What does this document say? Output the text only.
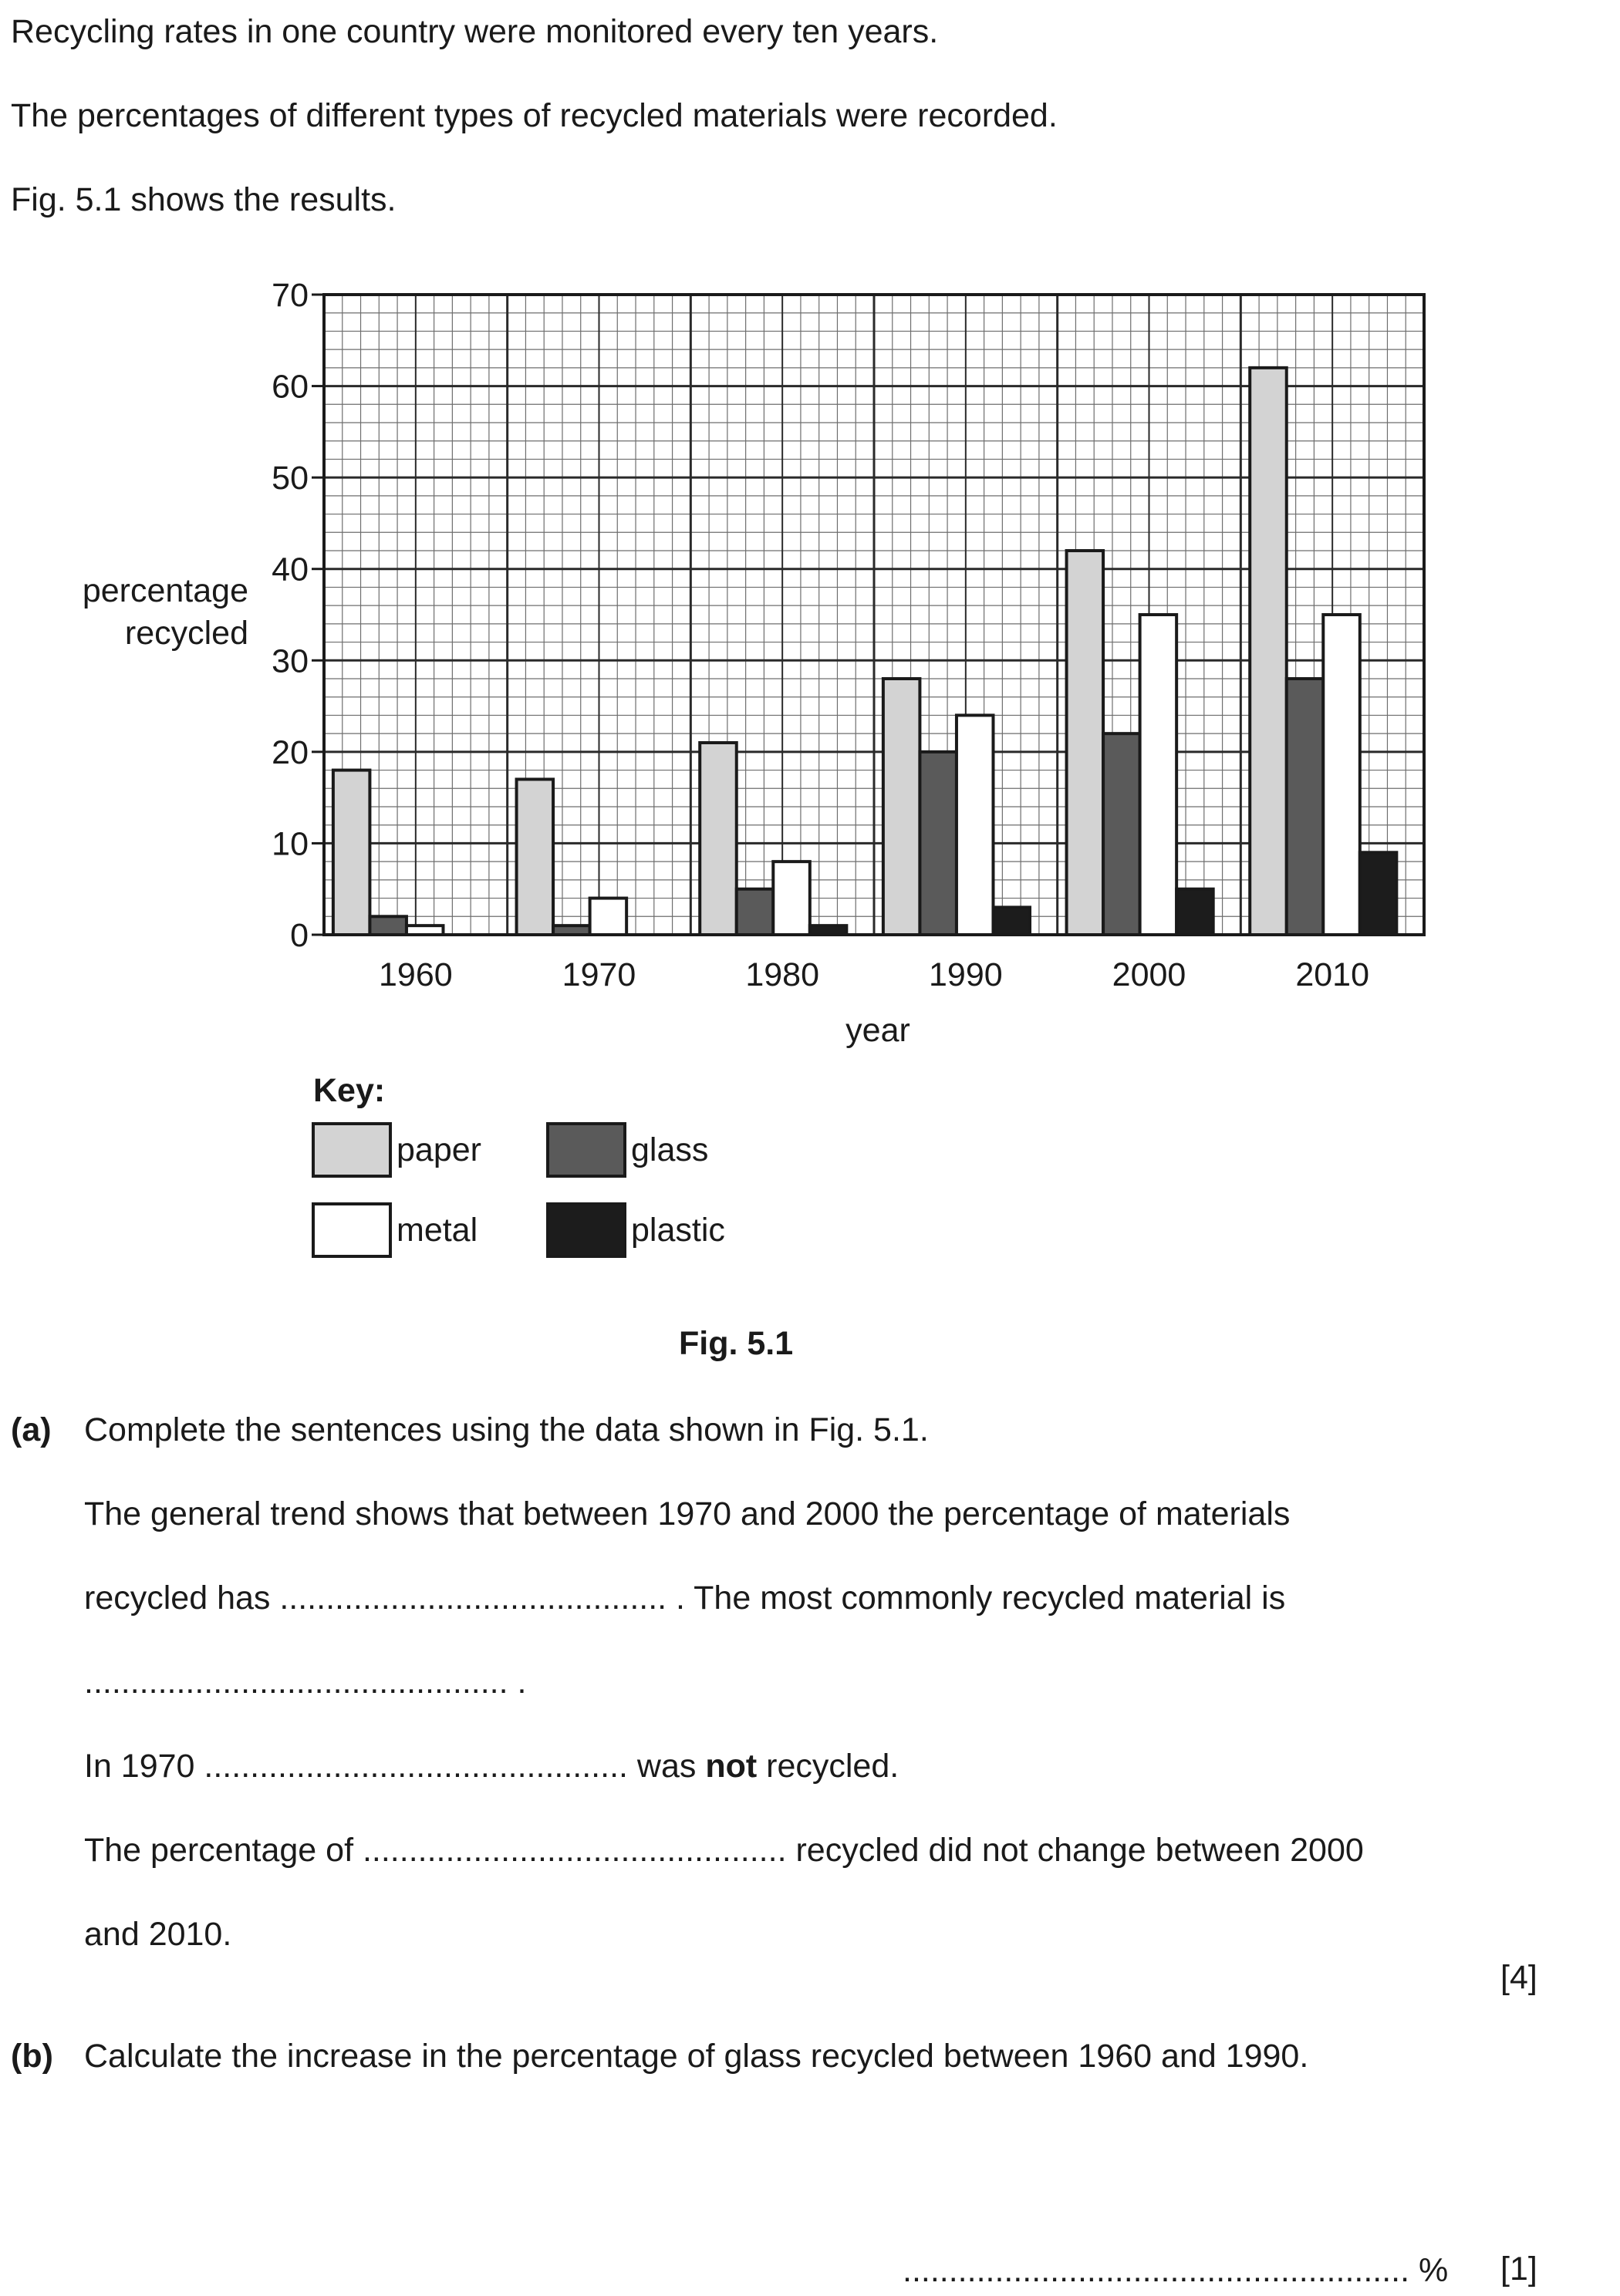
Recycling rates in one country were monitored every ten years.
The percentages of different types of recycled materials were recorded.
Fig. 5.1 shows the results.
0
10
20
30
40
50
60
70
1960	1970	1980	1990	2000	2010
percentage
recycled
year
Key:
paper	glass
metal	plastic
Fig. 5.1
(a) Complete the sentences using the data shown in Fig. 5.1.
The general trend shows that between 1970 and 2000 the percentage of materials
recycled has .......................................... . The most commonly recycled material is
.............................................. .
In 1970 .............................................. was not recycled.
The percentage of .............................................. recycled did not change between 2000
and 2010.
[4]
(b) Calculate the increase in the percentage of glass recycled between 1960 and 1990.
....................................................... % [1]
